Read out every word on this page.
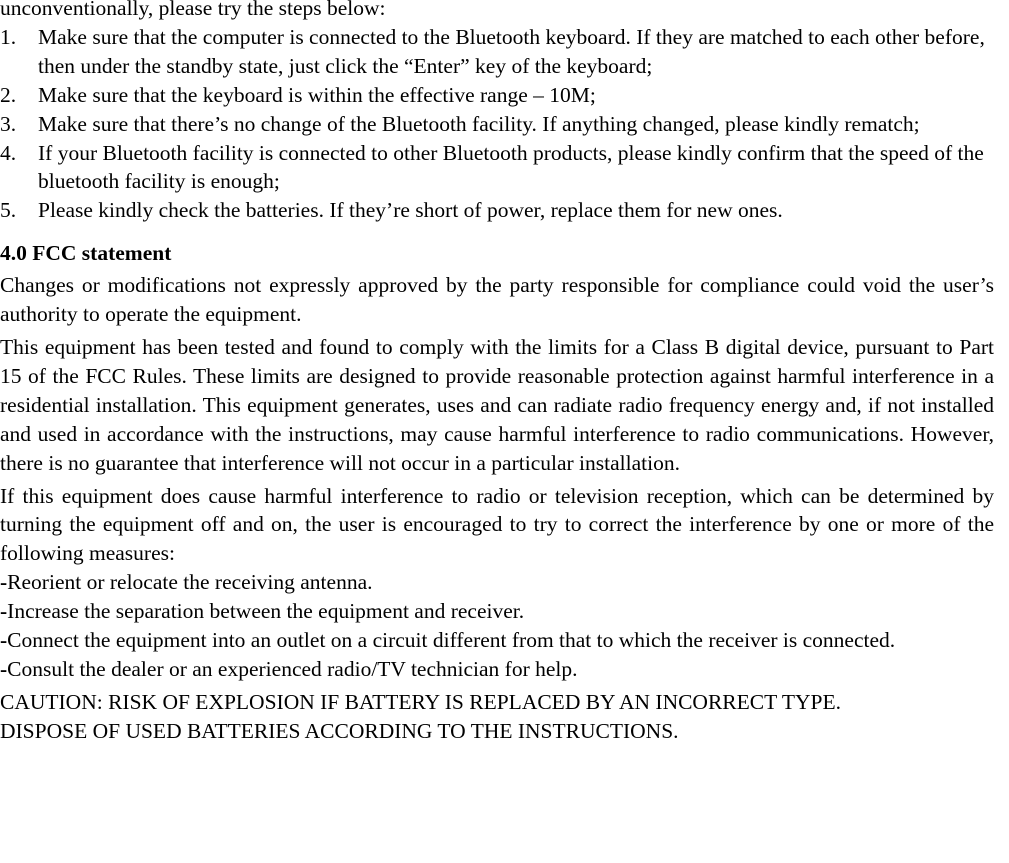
unconventionally, please try the steps below:
1. Make sure that the computer is connected to the Bluetooth keyboard. If they are matched to each other before, then under the standby state, just click the “Enter” key of the keyboard;
2. Make sure that the keyboard is within the effective range – 10M;
3. Make sure that there’s no change of the Bluetooth facility. If anything changed, please kindly rematch;
4. If your Bluetooth facility is connected to other Bluetooth products, please kindly confirm that the speed of the bluetooth facility is enough;
5. Please kindly check the batteries. If they’re short of power, replace them for new ones.
4.0 FCC statement

Changes or modifications not expressly approved by the party responsible for compliance could void the user’s authority to operate the equipment.

This equipment has been tested and found to comply with the limits for a Class B digital device, pursuant to Part 15 of the FCC Rules. These limits are designed to provide reasonable protection against harmful interference in a residential installation. This equipment generates, uses and can radiate radio frequency energy and, if not installed and used in accordance with the instructions, may cause harmful interference to radio communications. However, there is no guarantee that interference will not occur in a particular installation.

If this equipment does cause harmful interference to radio or television reception, which can be determined by turning the equipment off and on, the user is encouraged to try to correct the interference by one or more of the following measures:

-Reorient or relocate the receiving antenna.
-Increase the separation between the equipment and receiver.
-Connect the equipment into an outlet on a circuit different from that to which the receiver is connected.
-Consult the dealer or an experienced radio/TV technician for help.
CAUTION: RISK OF EXPLOSION IF BATTERY IS REPLACED BY AN INCORRECT TYPE.
DISPOSE OF USED BATTERIES ACCORDING TO THE INSTRUCTIONS.
